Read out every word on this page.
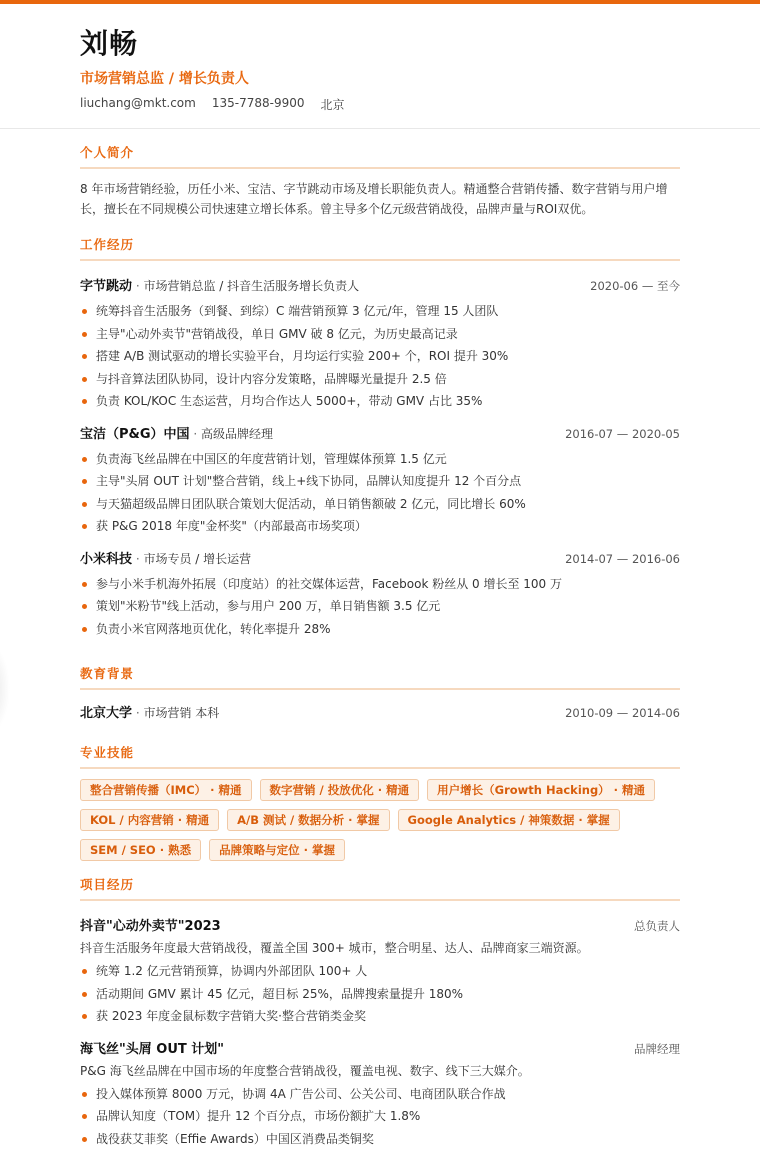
刘畅
市场营销总监 / 增长负责人
liuchang@mkt.com 135-7788-9900 北京
个人简介
8 年市场营销经验，历任小米、宝洁、字节跳动市场及增长职能负责人。精通整合营销传播、数字营销与用户增长，擅长在不同规模公司快速建立增长体系。曾主导多个亿元级营销战役，品牌声量与ROI双优。
工作经历
字节跳动 · 市场营销总监 / 抖音生活服务增长负责人	2020-06 — 至今
统筹抖音生活服务（到餐、到综）C 端营销预算 3 亿元/年，管理 15 人团队
主导"心动外卖节"营销战役，单日 GMV 破 8 亿元，为历史最高记录
搭建 A/B 测试驱动的增长实验平台，月均运行实验 200+ 个，ROI 提升 30%
与抖音算法团队协同，设计内容分发策略，品牌曝光量提升 2.5 倍
负责 KOL/KOC 生态运营，月均合作达人 5000+，带动 GMV 占比 35%
宝洁（P&G）中国 · 高级品牌经理	2016-07 — 2020-05
负责海飞丝品牌在中国区的年度营销计划，管理媒体预算 1.5 亿元
主导"头屑 OUT 计划"整合营销，线上+线下协同，品牌认知度提升 12 个百分点
与天猫超级品牌日团队联合策划大促活动，单日销售额破 2 亿元，同比增长 60%
获 P&G 2018 年度"金杯奖"（内部最高市场奖项）
小米科技 · 市场专员 / 增长运营	2014-07 — 2016-06
参与小米手机海外拓展（印度站）的社交媒体运营，Facebook 粉丝从 0 增长至 100 万
策划"米粉节"线上活动，参与用户 200 万，单日销售额 3.5 亿元
负责小米官网落地页优化，转化率提升 28%
教育背景
北京大学 · 市场营销 本科	2010-09 — 2014-06
专业技能
整合营销传播（IMC） · 精通	数字营销 / 投放优化 · 精通	用户增长（Growth Hacking） · 精通
KOL / 内容营销 · 精通	A/B 测试 / 数据分析 · 掌握	Google Analytics / 神策数据 · 掌握
SEM / SEO · 熟悉	品牌策略与定位 · 掌握
项目经历
抖音"心动外卖节"2023	总负责人
抖音生活服务年度最大营销战役，覆盖全国 300+ 城市，整合明星、达人、品牌商家三端资源。
统筹 1.2 亿元营销预算，协调内外部团队 100+ 人
活动期间 GMV 累计 45 亿元，超目标 25%，品牌搜索量提升 180%
获 2023 年度金鼠标数字营销大奖·整合营销类金奖
海飞丝"头屑 OUT 计划"	品牌经理
P&G 海飞丝品牌在中国市场的年度整合营销战役，覆盖电视、数字、线下三大媒介。
投入媒体预算 8000 万元，协调 4A 广告公司、公关公司、电商团队联合作战
品牌认知度（TOM）提升 12 个百分点，市场份额扩大 1.8%
战役获艾菲奖（Effie Awards）中国区消费品类铜奖
